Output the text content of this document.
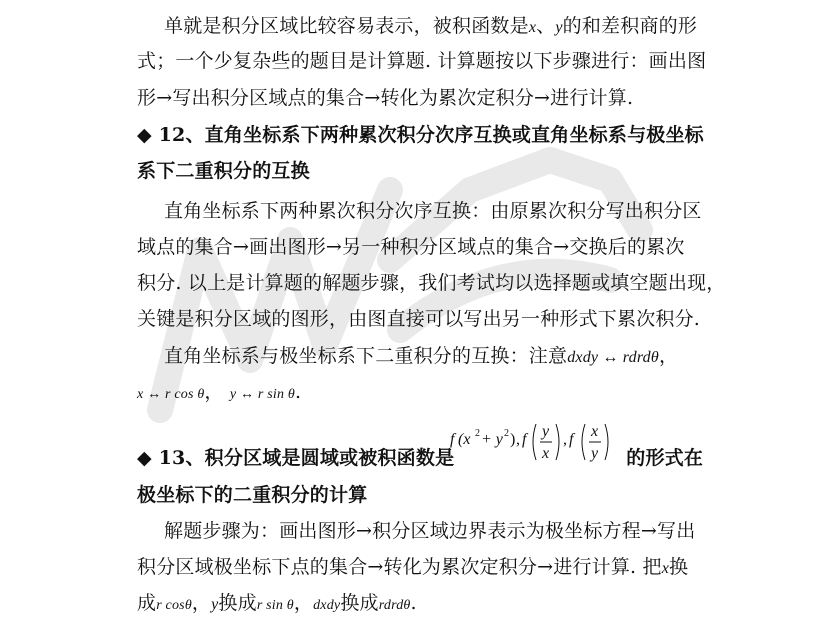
单就是积分区域比较容易表示，被积函数是x、y的和差积商的形
式；一个少复杂些的题目是计算题. 计算题按以下步骤进行：画出图
形→写出积分区域点的集合→转化为累次定积分→进行计算.
◆ 12、直角坐标系下两种累次积分次序互换或直角坐标系与极坐标
系下二重积分的互换
直角坐标系下两种累次积分次序互换：由原累次积分写出积分区
域点的集合→画出图形→另一种积分区域点的集合→交换后的累次
积分. 以上是计算题的解题步骤，我们考试均以选择题或填空题出现，
关键是积分区域的图形，由图直接可以写出另一种形式下累次积分.
直角坐标系与极坐标系下二重积分的互换：注意dxdy ↔ rdrdθ，
x ↔ r cos θ， y ↔ r sin θ.
◆ 13、积分区域是圆域或被积函数是	的形式在
f (x 2 + y 2 ) , f y
x
, f x
y
极坐标下的二重积分的计算
解题步骤为：画出图形→积分区域边界表示为极坐标方程→写出
积分区域极坐标下点的集合→转化为累次定积分→进行计算. 把x换
成r cosθ，y换成r sin θ，dxdy换成rdrdθ.
